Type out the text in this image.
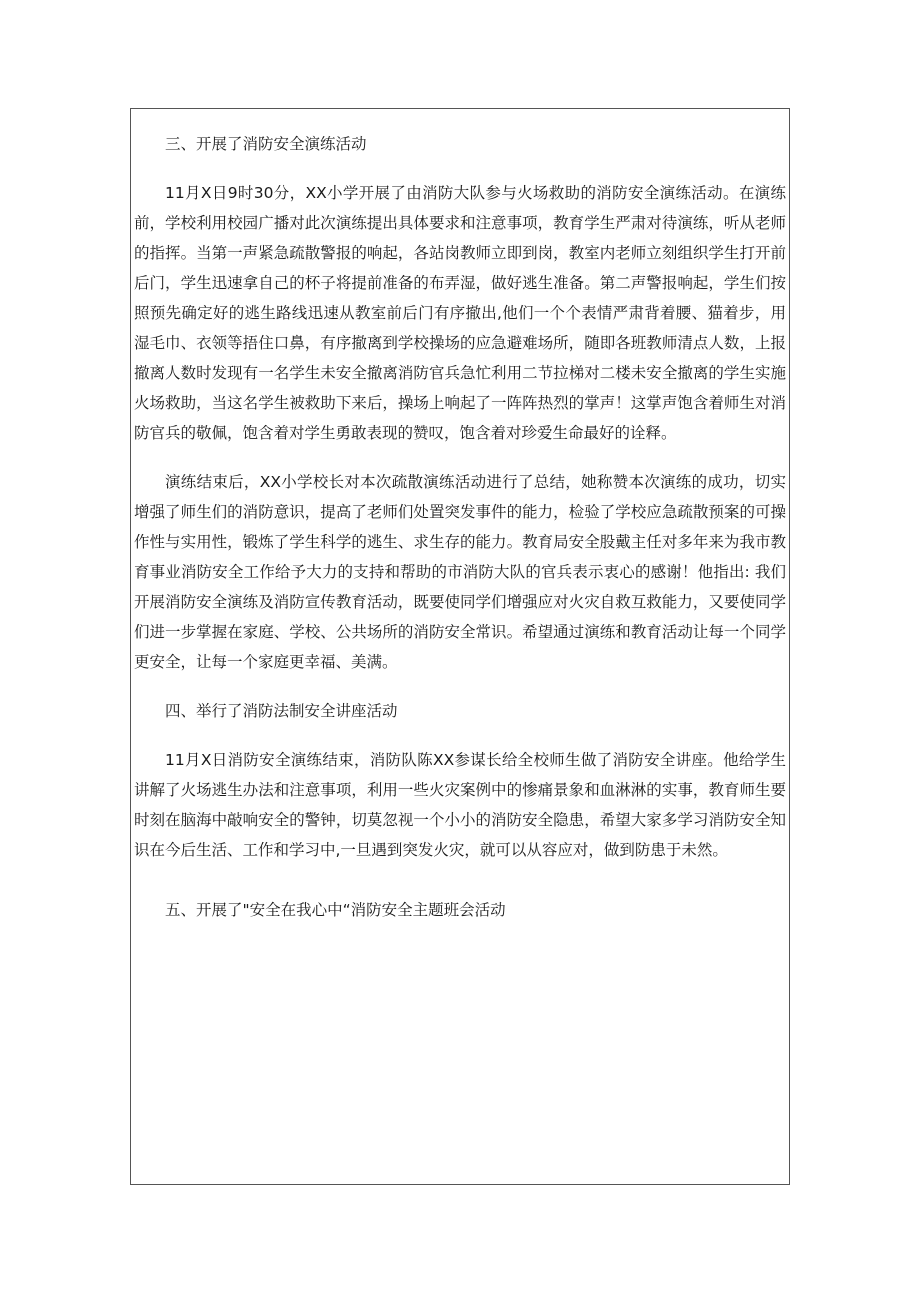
三、开展了消防安全演练活动

11月X日9时30分，XX小学开展了由消防大队参与火场救助的消防安全演练活动。在演练前，学校利用校园广播对此次演练提出具体要求和注意事项，教育学生严肃对待演练，听从老师的指挥。当第一声紧急疏散警报的响起，各站岗教师立即到岗，教室内老师立刻组织学生打开前后门，学生迅速拿自己的杯子将提前准备的布弄湿，做好逃生准备。第二声警报响起，学生们按照预先确定好的逃生路线迅速从教室前后门有序撤出,他们一个个表情严肃背着腰、猫着步，用湿毛巾、衣领等捂住口鼻，有序撤离到学校操场的应急避难场所，随即各班教师清点人数，上报撤离人数时发现有一名学生未安全撤离消防官兵急忙利用二节拉梯对二楼未安全撤离的学生实施火场救助，当这名学生被救助下来后，操场上响起了一阵阵热烈的掌声！这掌声饱含着师生对消防官兵的敬佩，饱含着对学生勇敢表现的赞叹，饱含着对珍爱生命最好的诠释。

演练结束后，XX小学校长对本次疏散演练活动进行了总结，她称赞本次演练的成功，切实增强了师生们的消防意识，提高了老师们处置突发事件的能力，检验了学校应急疏散预案的可操作性与实用性，锻炼了学生科学的逃生、求生存的能力。教育局安全股戴主任对多年来为我市教育事业消防安全工作给予大力的支持和帮助的市消防大队的官兵表示衷心的感谢！他指出: 我们开展消防安全演练及消防宣传教育活动，既要使同学们增强应对火灾自救互救能力，又要使同学们进一步掌握在家庭、学校、公共场所的消防安全常识。希望通过演练和教育活动让每一个同学更安全，让每一个家庭更幸福、美满。

四、举行了消防法制安全讲座活动

11月X日消防安全演练结束，消防队陈XX参谋长给全校师生做了消防安全讲座。他给学生讲解了火场逃生办法和注意事项，利用一些火灾案例中的惨痛景象和血淋淋的实事，教育师生要时刻在脑海中敲响安全的警钟，切莫忽视一个小小的消防安全隐患，希望大家多学习消防安全知识在今后生活、工作和学习中,一旦遇到突发火灾，就可以从容应对，做到防患于未然。

五、开展了"安全在我心中“消防安全主题班会活动
